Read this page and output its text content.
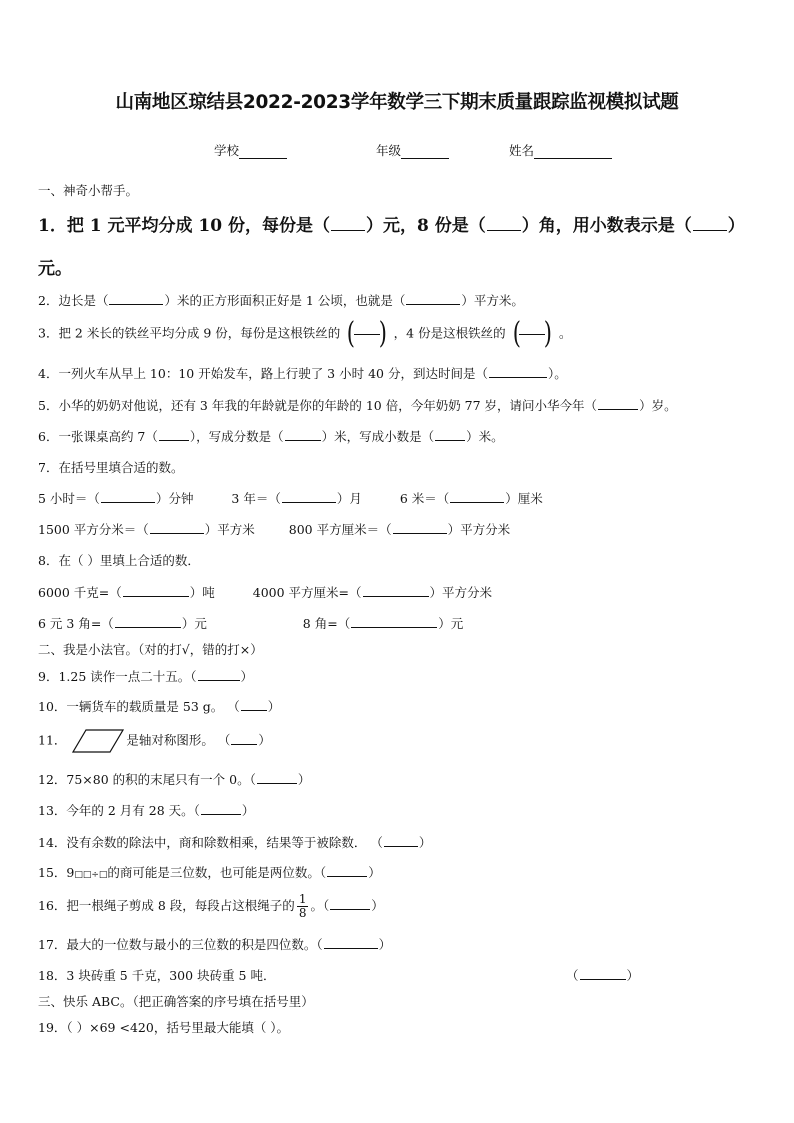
山南地区琼结县2022-2023学年数学三下期末质量跟踪监视模拟试题
学校	年级	姓名
一、神奇小帮手。
1．把 1 元平均分成 10 份，每份是（ ）元，8 份是（ ）角，用小数表示是（ ）
元。
2．边长是（	）米的正方形面积正好是 1 公顷，也就是（	）平方米。
3．把 2 米长的铁丝平均分成 9 份，每份是这根铁丝的 ( ) ，4 份是这根铁丝的 ( ) 。
4．一列火车从早上 10：10 开始发车，路上行驶了 3 小时 40 分，到达时间是（	）。
5．小华的奶奶对他说，还有 3 年我的年龄就是你的年龄的 10 倍，今年奶奶 77 岁，请问小华今年（	）岁。
6．一张课桌高约 7（	），写成分数是（	）米，写成小数是（	）米。
7．在括号里填合适的数。
5 小时＝（	）分钟	3 年＝（	）月	6 米＝（	）厘米
1500 平方分米＝（	）平方米	800 平方厘米＝（	）平方分米
8．在（ ）里填上合适的数．
6000 千克=（	）吨	4000 平方厘米=（	）平方分米
6 元 3 角=（	）元	8 角=（	）元
二、我是小法官。（对的打√，错的打×）
9．1.25 读作一点二十五。（	）
10．一辆货车的载质量是 53 g。 （ ）
11．	是轴对称图形。 （ ）
12．75×80 的积的末尾只有一个 0。（	）
13．今年的 2 月有 28 天。（	）
14．没有余数的除法中，商和除数相乘，结果等于被除数． （	）
15．9□□÷□的商可能是三位数，也可能是两位数。（	）
16．把一根绳子剪成 8 段，每段占这根绳子的 $\frac{1}{8}$ 。（	）
17．最大的一位数与最小的三位数的积是四位数。（	）
18．3 块砖重 5 千克，300 块砖重 5 吨．	（	）
三、快乐 ABC。（把正确答案的序号填在括号里）
19．（ ）×69 <420，括号里最大能填（ ）。
